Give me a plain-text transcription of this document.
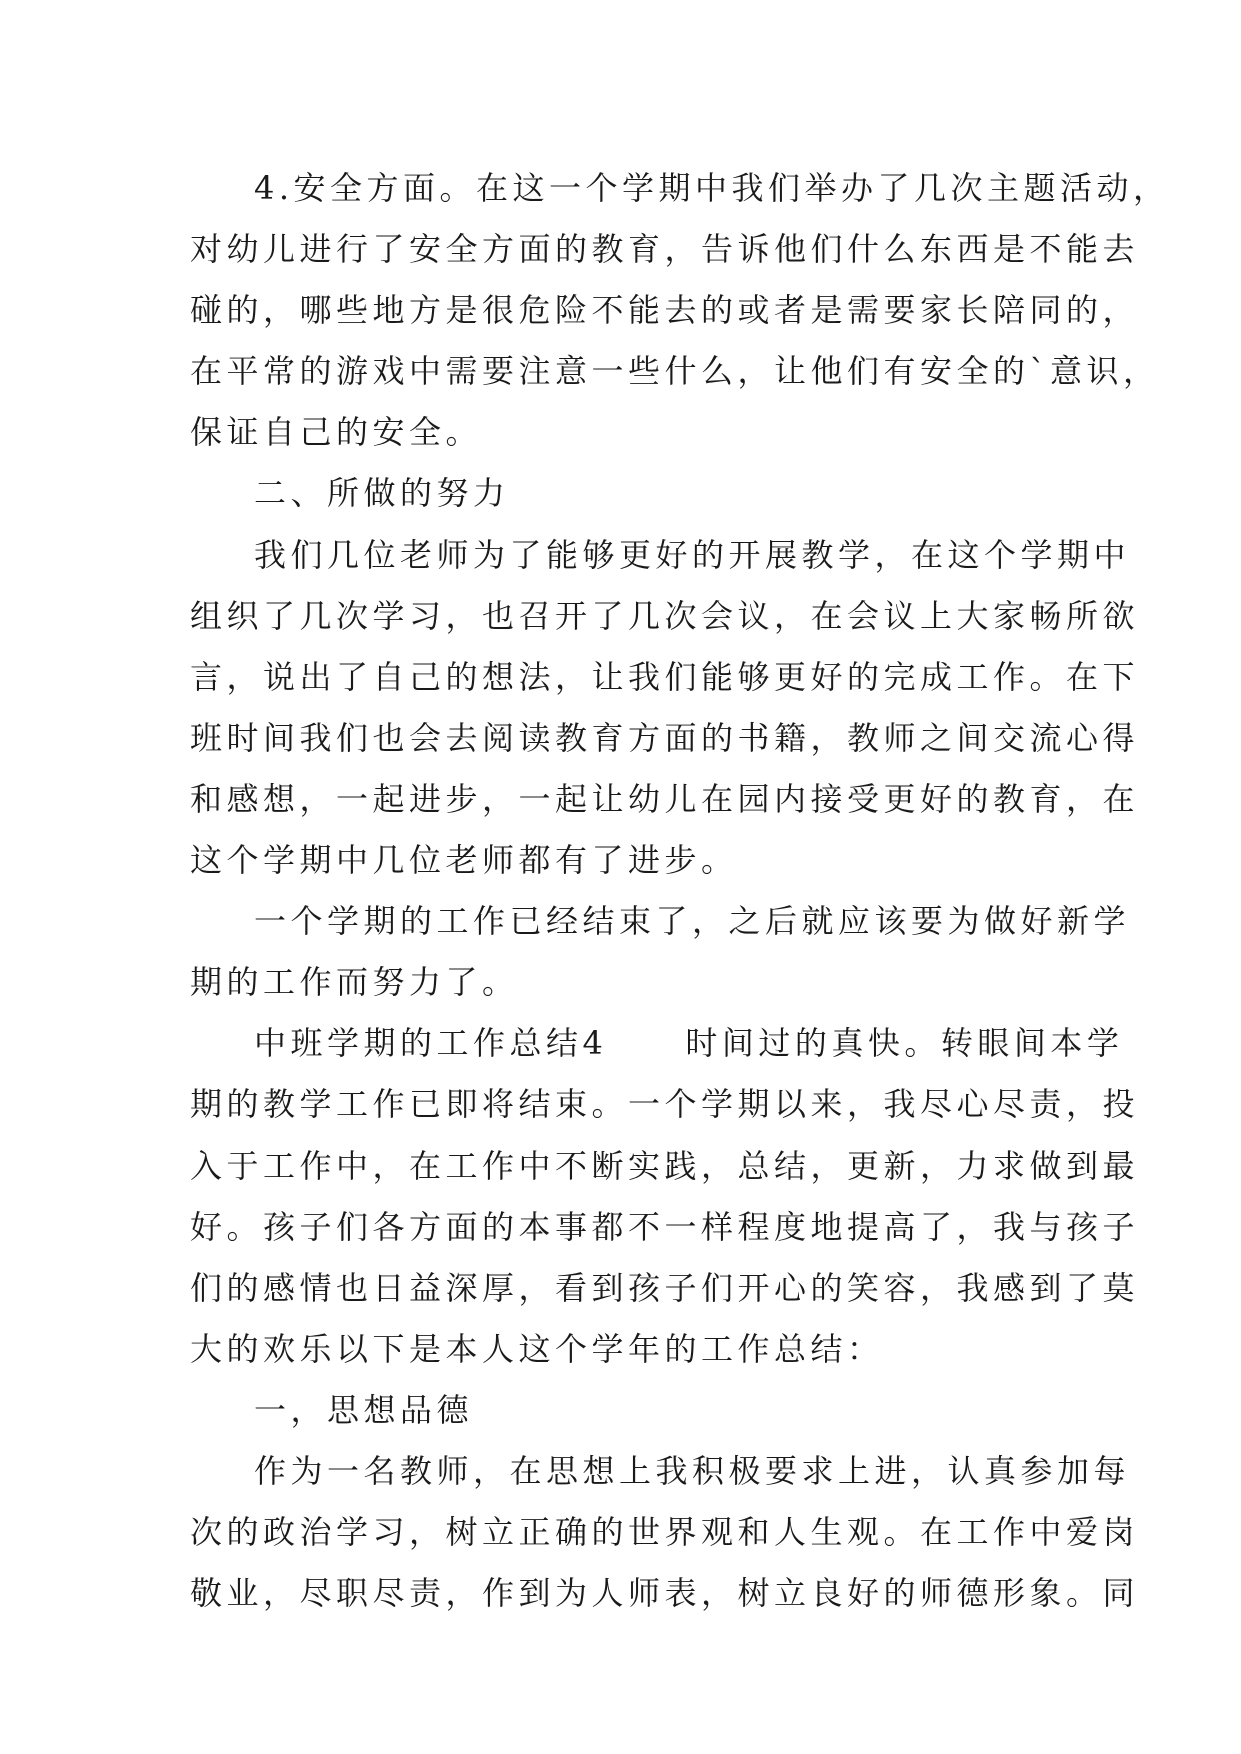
4.安全方面。在这一个学期中我们举办了几次主题活动，
对幼儿进行了安全方面的教育，告诉他们什么东西是不能去
碰的，哪些地方是很危险不能去的或者是需要家长陪同的，
在平常的游戏中需要注意一些什么，让他们有安全的`意识，
保证自己的安全。
二、所做的努力
我们几位老师为了能够更好的开展教学，在这个学期中
组织了几次学习，也召开了几次会议，在会议上大家畅所欲
言，说出了自己的想法，让我们能够更好的完成工作。在下
班时间我们也会去阅读教育方面的书籍，教师之间交流心得
和感想，一起进步，一起让幼儿在园内接受更好的教育，在
这个学期中几位老师都有了进步。
一个学期的工作已经结束了，之后就应该要为做好新学
期的工作而努力了。
中班学期的工作总结4 时间过的真快。转眼间本学
期的教学工作已即将结束。一个学期以来，我尽心尽责，投
入于工作中，在工作中不断实践，总结，更新，力求做到最
好。孩子们各方面的本事都不一样程度地提高了，我与孩子
们的感情也日益深厚，看到孩子们开心的笑容，我感到了莫
大的欢乐以下是本人这个学年的工作总结：
一，思想品德
作为一名教师，在思想上我积极要求上进，认真参加每
次的政治学习，树立正确的世界观和人生观。在工作中爱岗
敬业，尽职尽责，作到为人师表，树立良好的师德形象。同
